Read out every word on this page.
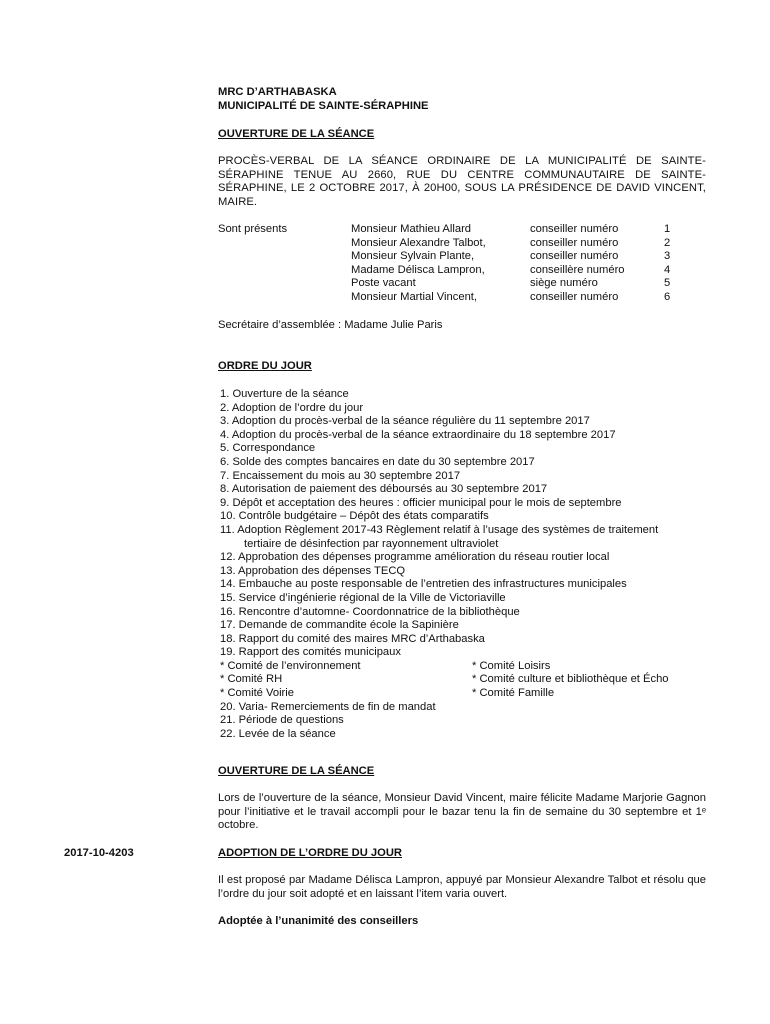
MRC D’ARTHABASKA
MUNICIPALITÉ DE SAINTE-SÉRAPHINE
OUVERTURE DE LA SÉANCE
PROCÈS-VERBAL DE LA SÉANCE ORDINAIRE DE LA MUNICIPALITÉ DE SAINTE-SÉRAPHINE TENUE AU 2660, RUE DU CENTRE COMMUNAUTAIRE DE SAINTE-SÉRAPHINE, LE 2 OCTOBRE 2017, À 20H00, SOUS LA PRÉSIDENCE DE DAVID VINCENT, MAIRE.
Sont présents	Monsieur Mathieu Allard	conseiller numéro	1
Monsieur Alexandre Talbot,	conseiller numéro	2
Monsieur Sylvain Plante,	conseiller numéro	3
Madame Délisca Lampron,	conseillère numéro	4
Poste vacant	siège numéro	5
Monsieur Martial Vincent,	conseiller numéro	6
Secrétaire d’assemblée : Madame Julie Paris
ORDRE DU JOUR
1. Ouverture de la séance
2. Adoption de l’ordre du jour
3. Adoption du procès-verbal de la séance régulière du 11 septembre 2017
4. Adoption du procès-verbal de la séance extraordinaire du 18 septembre 2017
5. Correspondance
6. Solde des comptes bancaires en date du 30 septembre 2017
7. Encaissement du mois au 30 septembre 2017
8. Autorisation de paiement des déboursés au 30 septembre 2017
9. Dépôt et acceptation des heures : officier municipal pour le mois de septembre
10. Contrôle budgétaire – Dépôt des états comparatifs
11. Adoption Règlement 2017-43 Règlement relatif à l’usage des systèmes de traitement
tertiaire de désinfection par rayonnement ultraviolet
12. Approbation des dépenses programme amélioration du réseau routier local
13. Approbation des dépenses TECQ
14. Embauche au poste responsable de l’entretien des infrastructures municipales
15. Service d’ingénierie régional de la Ville de Victoriaville
16. Rencontre d’automne- Coordonnatrice de la bibliothèque
17. Demande de commandite école la Sapinière
18. Rapport du comité des maires MRC d’Arthabaska
19. Rapport des comités municipaux
* Comité de l’environnement	* Comité Loisirs
* Comité RH	* Comité culture et bibliothèque et Écho
* Comité Voirie	* Comité Famille
20. Varia- Remerciements de fin de mandat
21. Période de questions
22. Levée de la séance
OUVERTURE DE LA SÉANCE
Lors de l’ouverture de la séance, Monsieur David Vincent, maire félicite Madame Marjorie Gagnon pour l’initiative et le travail accompli pour le bazar tenu la fin de semaine du 30 septembre et 1ᵉ octobre.
2017-10-4203	ADOPTION DE L’ORDRE DU JOUR
Il est proposé par Madame Délisca Lampron, appuyé par Monsieur Alexandre Talbot et résolu que l’ordre du jour soit adopté et en laissant l’item varia ouvert.
Adoptée à l’unanimité des conseillers
